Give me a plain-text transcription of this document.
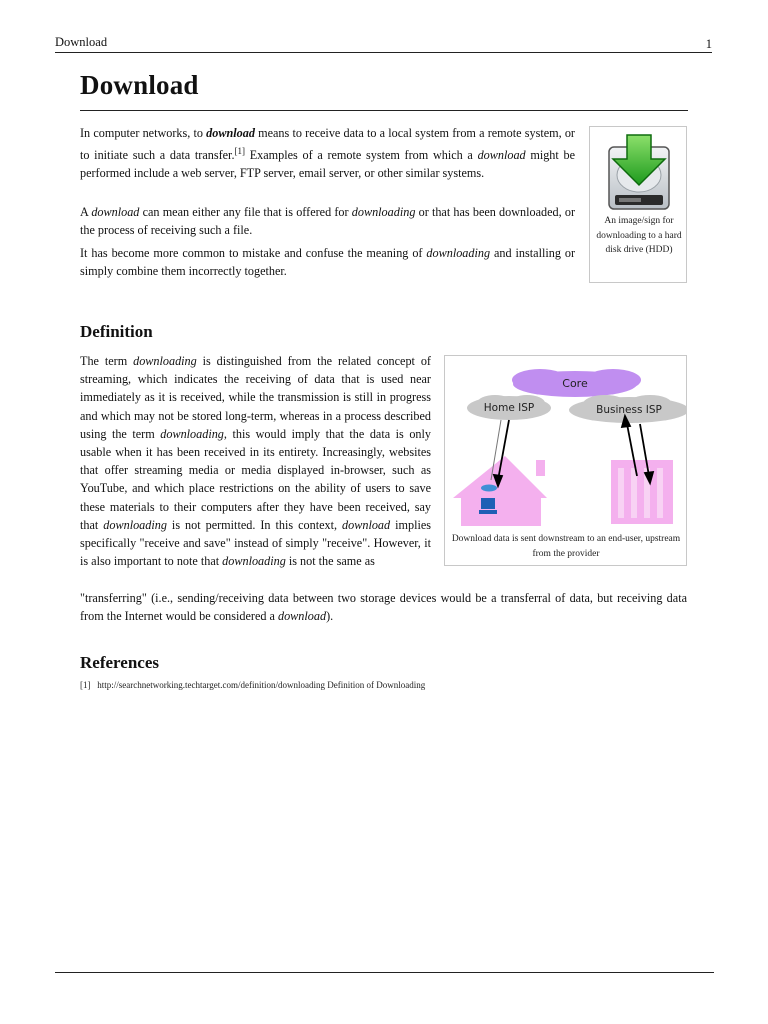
Download	1
Download

In computer networks, to download means to receive data to a local system from a remote system, or to initiate such a data transfer.[1] Examples of a remote system from which a download might be performed include a web server, FTP server, email server, or other similar systems.

A download can mean either any file that is offered for downloading or that has been downloaded, or the process of receiving such a file.

It has become more common to mistake and confuse the meaning of downloading and installing or simply combine them incorrectly together.

An image/sign for downloading to a hard disk drive (HDD)
Definition

The term downloading is distinguished from the related concept of streaming, which indicates the receiving of data that is used near immediately as it is received, while the transmission is still in progress and which may not be stored long-term, whereas in a process described using the term downloading, this would imply that the data is only usable when it has been received in its entirety. Increasingly, websites that offer streaming media or media displayed in-browser, such as YouTube, and which place restrictions on the ability of users to save these materials to their computers after they have been received, say that downloading is not permitted. In this context, download implies specifically "receive and save" instead of simply "receive". However, it is also important to note that downloading is not the same as

"transferring" (i.e., sending/receiving data between two storage devices would be a transferral of data, but receiving data from the Internet would be considered a download).

Core
Home ISP	Business ISP
Download data is sent downstream to an end-user, upstream from the provider
References
[1] http://searchnetworking.techtarget.com/definition/downloading Definition of Downloading
